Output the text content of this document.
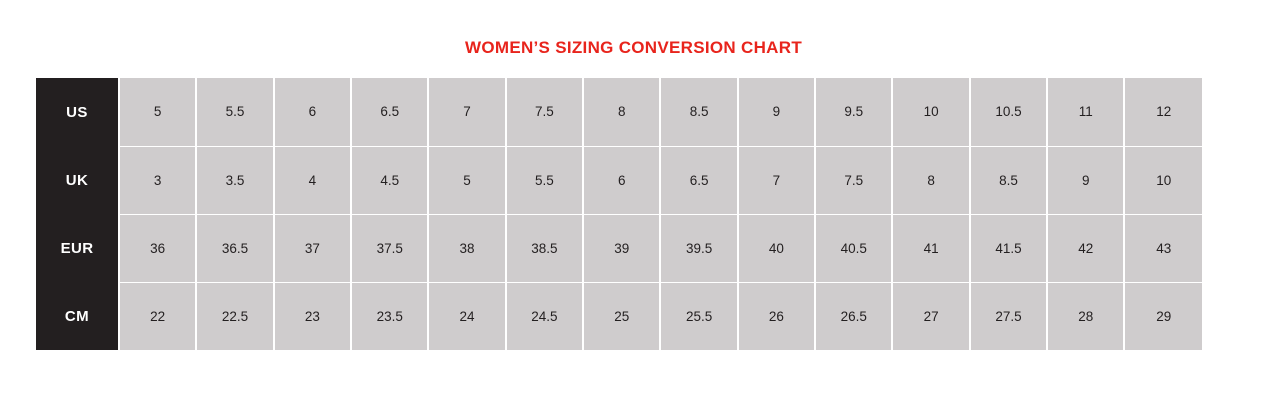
WOMEN’S SIZING CONVERSION CHART
US	5	5.5	6	6.5	7	7.5	8	8.5	9	9.5	10	10.5	11	12
UK	3	3.5	4	4.5	5	5.5	6	6.5	7	7.5	8	8.5	9	10
EUR	36	36.5	37	37.5	38	38.5	39	39.5	40	40.5	41	41.5	42	43
CM	22	22.5	23	23.5	24	24.5	25	25.5	26	26.5	27	27.5	28	29
